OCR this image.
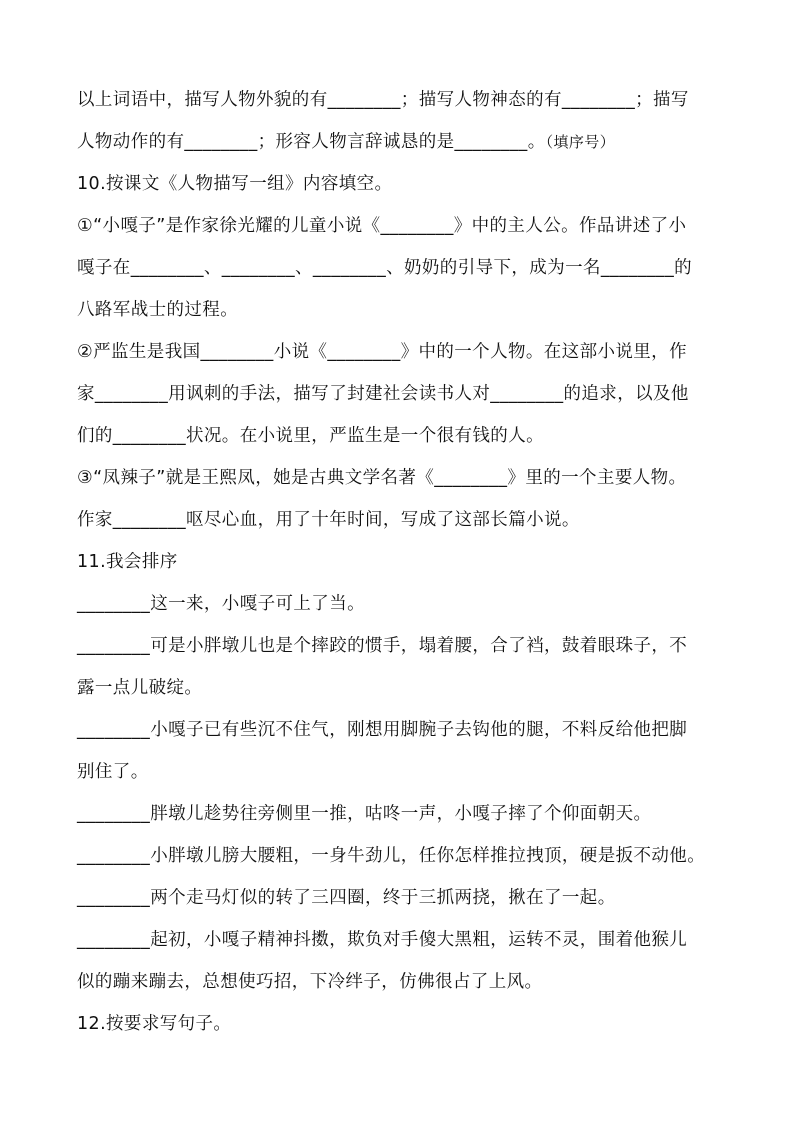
以上词语中，描写人物外貌的有________；描写人物神态的有________；描写
人物动作的有________；形容人物言辞诚恳的是________。（填序号）
10.按课文《人物描写一组》内容填空。
①“小嘎子”是作家徐光耀的儿童小说《________》中的主人公。作品讲述了小
嘎子在________、________、________、奶奶的引导下，成为一名________的
八路军战士的过程。
②严监生是我国________小说《________》中的一个人物。在这部小说里，作
家________用讽刺的手法，描写了封建社会读书人对________的追求，以及他
们的________状况。在小说里，严监生是一个很有钱的人。
③“凤辣子”就是王熙凤，她是古典文学名著《________》里的一个主要人物。
作家________呕尽心血，用了十年时间，写成了这部长篇小说。
11.我会排序
________这一来，小嘎子可上了当。
________可是小胖墩儿也是个摔跤的惯手，塌着腰，合了裆，鼓着眼珠子，不
露一点儿破绽。
________小嘎子已有些沉不住气，刚想用脚腕子去钩他的腿，不料反给他把脚
别住了。
________胖墩儿趁势往旁侧里一推，咕咚一声，小嘎子摔了个仰面朝天。
________小胖墩儿膀大腰粗，一身牛劲儿，任你怎样推拉拽顶，硬是扳不动他。
________两个走马灯似的转了三四圈，终于三抓两挠，揪在了一起。
________起初，小嘎子精神抖擞，欺负对手傻大黑粗，运转不灵，围着他猴儿
似的蹦来蹦去，总想使巧招，下冷绊子，仿佛很占了上风。
12.按要求写句子。
